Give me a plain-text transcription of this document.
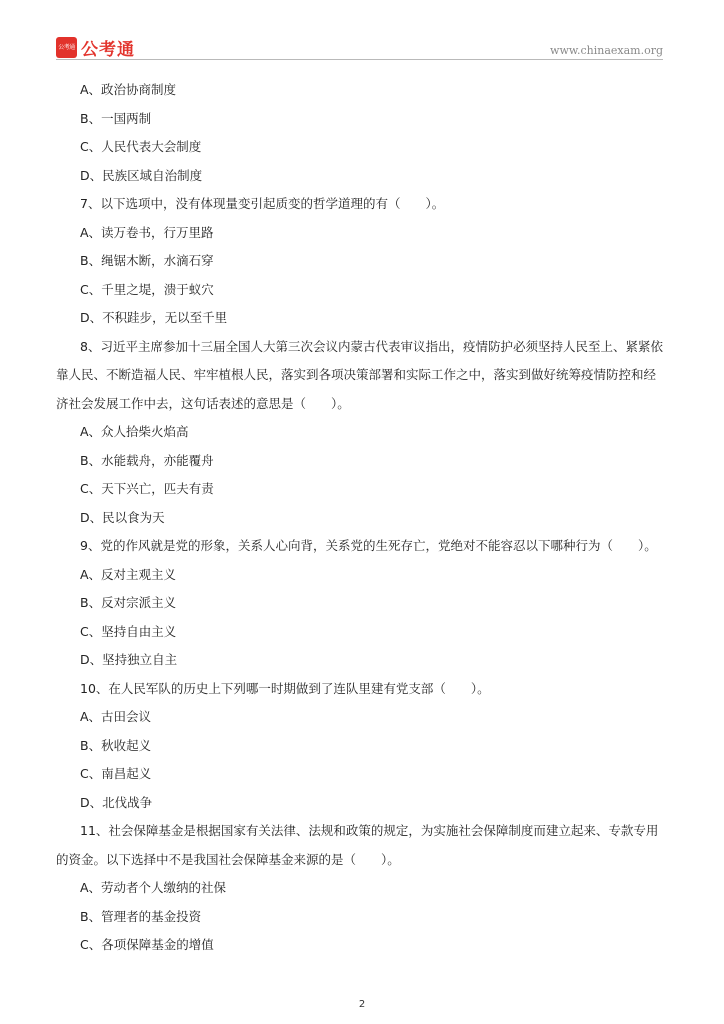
公考通 公考通	www.chinaexam.org
A、政治协商制度
B、一国两制
C、人民代表大会制度
D、民族区域自治制度
7、以下选项中，没有体现量变引起质变的哲学道理的有（　　）。
A、读万卷书，行万里路
B、绳锯木断，水滴石穿
C、千里之堤，溃于蚁穴
D、不积跬步，无以至千里
8、习近平主席参加十三届全国人大第三次会议内蒙古代表审议指出，疫情防护必须坚持人民至上、紧紧依
靠人民、不断造福人民、牢牢植根人民，落实到各项决策部署和实际工作之中，落实到做好统筹疫情防控和经
济社会发展工作中去，这句话表述的意思是（　　）。
A、众人拾柴火焰高
B、水能载舟，亦能覆舟
C、天下兴亡，匹夫有责
D、民以食为天
9、党的作风就是党的形象，关系人心向背，关系党的生死存亡，党绝对不能容忍以下哪种行为（　　）。
A、反对主观主义
B、反对宗派主义
C、坚持自由主义
D、坚持独立自主
10、在人民军队的历史上下列哪一时期做到了连队里建有党支部（　　）。
A、古田会议
B、秋收起义
C、南昌起义
D、北伐战争
11、社会保障基金是根据国家有关法律、法规和政策的规定，为实施社会保障制度而建立起来、专款专用
的资金。以下选择中不是我国社会保障基金来源的是（　　）。
A、劳动者个人缴纳的社保
B、管理者的基金投资
C、各项保障基金的增值
2
